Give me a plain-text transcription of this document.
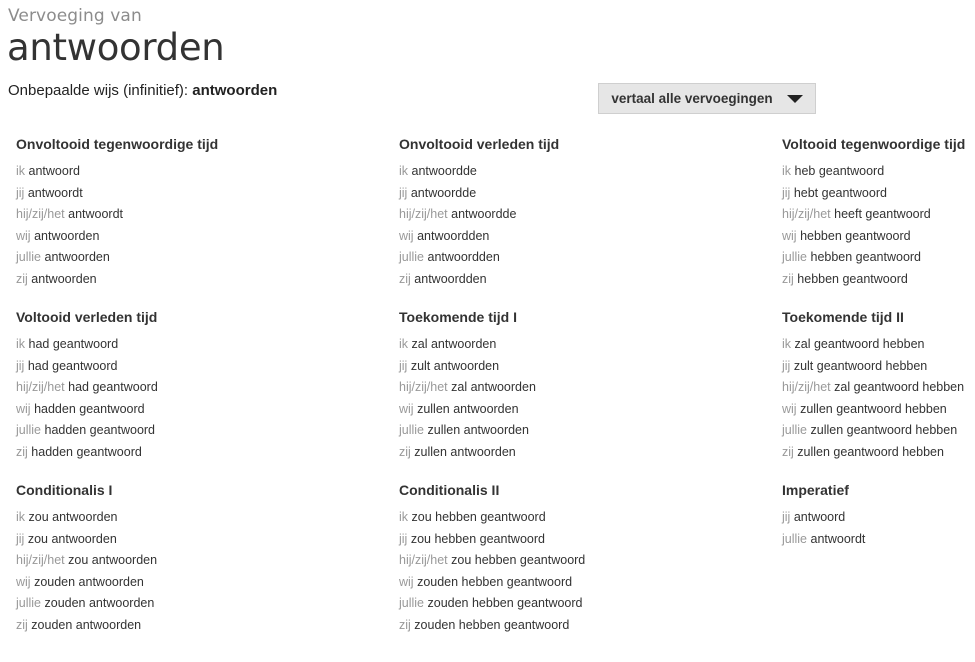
Vervoeging van
antwoorden
Onbepaalde wijs (infinitief): antwoorden	vertaal alle vervoegingen
Onvoltooid tegenwoordige tijd
ik antwoord
jij antwoordt
hij/zij/het antwoordt
wij antwoorden
jullie antwoorden
zij antwoorden
Onvoltooid verleden tijd
ik antwoordde
jij antwoordde
hij/zij/het antwoordde
wij antwoordden
jullie antwoordden
zij antwoordden
Voltooid tegenwoordige tijd
ik heb geantwoord
jij hebt geantwoord
hij/zij/het heeft geantwoord
wij hebben geantwoord
jullie hebben geantwoord
zij hebben geantwoord
Voltooid verleden tijd
ik had geantwoord
jij had geantwoord
hij/zij/het had geantwoord
wij hadden geantwoord
jullie hadden geantwoord
zij hadden geantwoord
Toekomende tijd I
ik zal antwoorden
jij zult antwoorden
hij/zij/het zal antwoorden
wij zullen antwoorden
jullie zullen antwoorden
zij zullen antwoorden
Toekomende tijd II
ik zal geantwoord hebben
jij zult geantwoord hebben
hij/zij/het zal geantwoord hebben
wij zullen geantwoord hebben
jullie zullen geantwoord hebben
zij zullen geantwoord hebben
Conditionalis I
ik zou antwoorden
jij zou antwoorden
hij/zij/het zou antwoorden
wij zouden antwoorden
jullie zouden antwoorden
zij zouden antwoorden
Conditionalis II
ik zou hebben geantwoord
jij zou hebben geantwoord
hij/zij/het zou hebben geantwoord
wij zouden hebben geantwoord
jullie zouden hebben geantwoord
zij zouden hebben geantwoord
Imperatief
jij antwoord
jullie antwoordt
